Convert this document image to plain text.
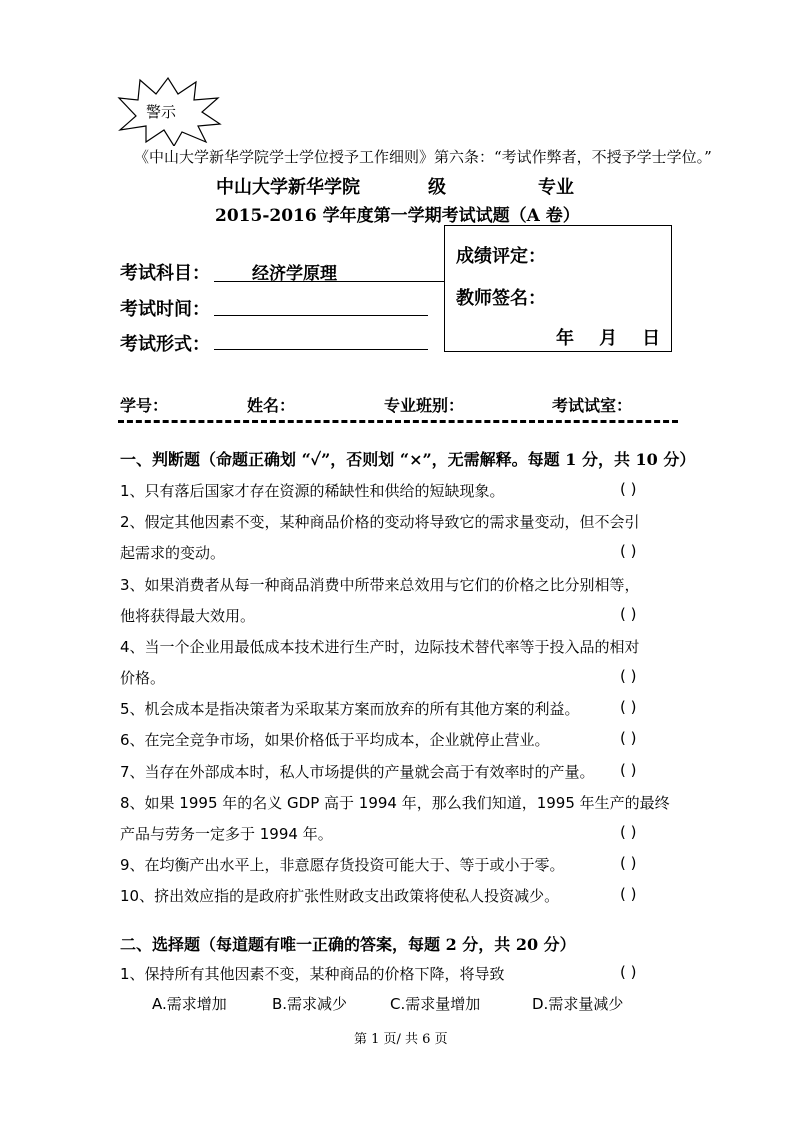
警示
《中山大学新华学院学士学位授予工作细则》第六条：“考试作弊者，不授予学士学位。”
中山大学新华学院	级	专业
2015-2016 学年度第一学期考试试题（A 卷）
成绩评定：
教师签名：
年    月    日
考试科目： 经济学原理
考试时间：
考试形式：
学号：	姓名：	专业班别：	考试试室：
一、判断题（命题正确划 “✓”，否则划 “×”，无需解释。每题 1 分，共 10 分）
1、只有落后国家才存在资源的稀缺性和供给的短缺现象。	( )
2、假定其他因素不变，某种商品价格的变动将导致它的需求量变动，但不会引
起需求的变动。	( )
3、如果消费者从每一种商品消费中所带来总效用与它们的价格之比分别相等，
他将获得最大效用。	( )
4、当一个企业用最低成本技术进行生产时，边际技术替代率等于投入品的相对
价格。	( )
5、机会成本是指决策者为采取某方案而放弃的所有其他方案的利益。	( )
6、在完全竞争市场，如果价格低于平均成本，企业就停止营业。	( )
7、当存在外部成本时，私人市场提供的产量就会高于有效率时的产量。 ( )
8、如果 1995 年的名义 GDP 高于 1994 年，那么我们知道，1995 年生产的最终
产品与劳务一定多于 1994 年。	( )
9、在均衡产出水平上，非意愿存货投资可能大于、等于或小于零。	( )
10、挤出效应指的是政府扩张性财政支出政策将使私人投资减少。	( )
二、选择题（每道题有唯一正确的答案，每题 2 分，共 20 分）
1、保持所有其他因素不变，某种商品的价格下降，将导致	( )
A.需求增加	B.需求减少	C.需求量增加	D.需求量减少
第 1 页/ 共 6 页
